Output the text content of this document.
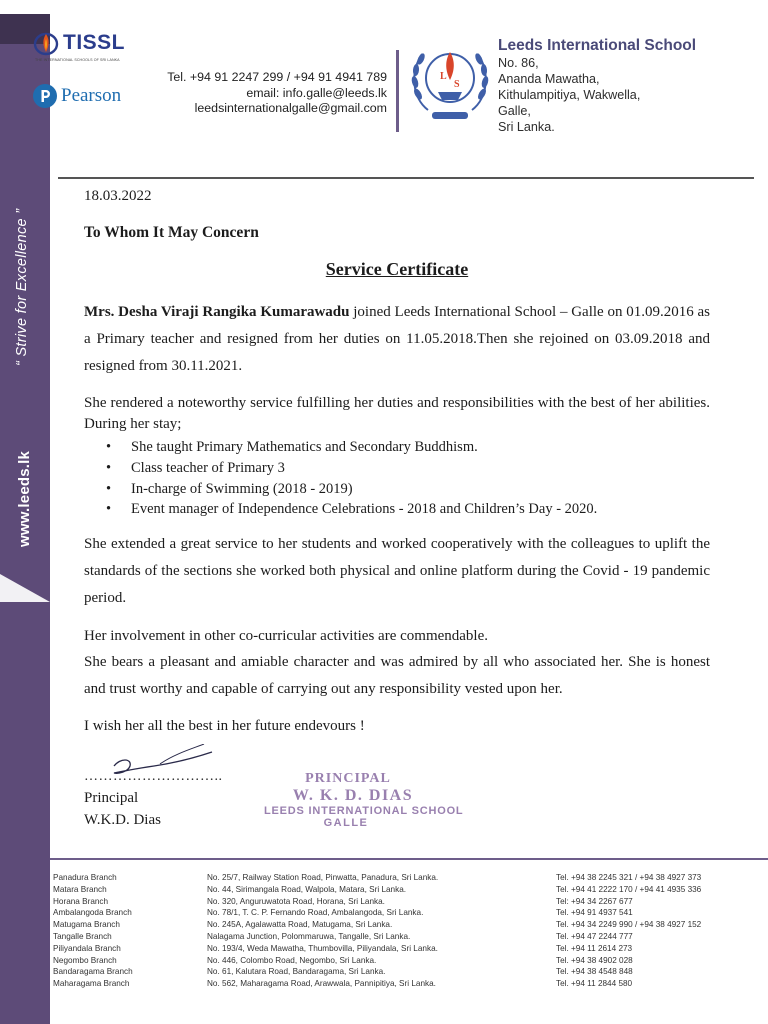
“ Strive for Excellence ”
www.leeds.lk
TISSL
THE INTERNATIONAL SCHOOLS OF SRI LANKA
Pearson
Tel. +94 91 2247 299 / +94 91 4941 789
email: info.galle@leeds.lk
leedsinternationalgalle@gmail.com
L
S
Leeds International School
No. 86,
Ananda Mawatha,
Kithulampitiya, Wakwella,
Galle,
Sri Lanka.
18.03.2022
To Whom It May Concern
Service Certificate
Mrs. Desha Viraji Rangika Kumarawadu joined Leeds International School – Galle on 01.09.2016 as a Primary teacher and resigned from her duties on 11.05.2018.Then she rejoined on 03.09.2018 and resigned from 30.11.2021.
She rendered a noteworthy service fulfilling her duties and responsibilities with the best of her abilities. During her stay;
• She taught Primary Mathematics and Secondary Buddhism.
• Class teacher of Primary 3
• In-charge of Swimming (2018 - 2019)
• Event manager of Independence Celebrations - 2018 and Children’s Day - 2020.
She extended a great service to her students and worked cooperatively with the colleagues to uplift the standards of the sections she worked both physical and online platform during the Covid - 19 pandemic period.
Her involvement in other co-curricular activities are commendable.
She bears a pleasant and amiable character and was admired by all who associated her. She is honest and trust worthy and capable of carrying out any responsibility vested upon her.
I wish her all the best in her future endevours !
………………………..
Principal
W.K.D. Dias
PRINCIPAL
W. K. D. DIAS
LEEDS INTERNATIONAL SCHOOL
GALLE
Panadura Branch
Matara Branch
Horana Branch
Ambalangoda Branch
Matugama Branch
Tangalle Branch
Piliyandala Branch
Negombo Branch
Bandaragama Branch
Maharagama Branch
No. 25/7, Railway Station Road, Pinwatta, Panadura, Sri Lanka.
No. 44, Sirimangala Road, Walpola, Matara, Sri Lanka.
No. 320, Anguruwatota Road, Horana, Sri Lanka.
No. 78/1, T. C. P. Fernando Road, Ambalangoda, Sri Lanka.
No. 245A, Agalawatta Road, Matugama, Sri Lanka.
Nalagama Junction, Polommaruwa, Tangalle, Sri Lanka.
No. 193/4, Weda Mawatha, Thumbovilla, Piliyandala, Sri Lanka.
No. 446, Colombo Road, Negombo, Sri Lanka.
No. 61, Kalutara Road, Bandaragama, Sri Lanka.
No. 562, Maharagama Road, Arawwala, Pannipitiya, Sri Lanka.
Tel. +94 38 2245 321 / +94 38 4927 373
Tel. +94 41 2222 170 / +94 41 4935 336
Tel: +94 34 2267 677
Tel. +94 91 4937 541
Tel. +94 34 2249 990 / +94 38 4927 152
Tel. +94 47 2244 777
Tel. +94 11 2614 273
Tel. +94 38 4902 028
Tel. +94 38 4548 848
Tel. +94 11 2844 580
